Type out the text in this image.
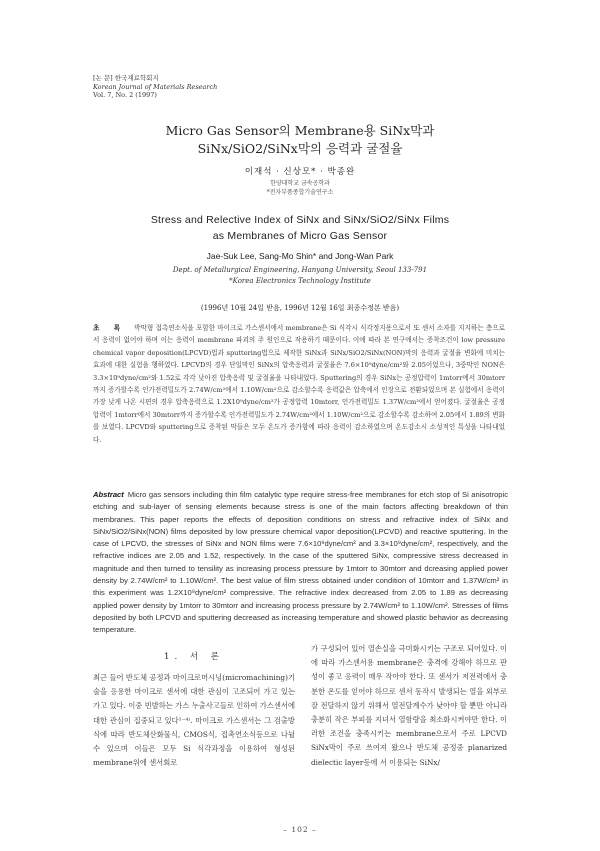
[논 문] 한국재료학회지
Korean Journal of Materials Research
Vol. 7, No. 2 (1997)
Micro Gas Sensor의 Membrane용 SiNx막과
SiNx/SiO2/SiNx막의 응력과 굴절율
이재석 · 신상모* · 박종완
한양대학교 금속공학과
*전자부품종합기술연구소
Stress and Relective Index of SiNx and SiNx/SiO2/SiNx Films
as Membranes of Micro Gas Sensor
Jae-Suk Lee, Sang-Mo Shin* and Jong-Wan Park
Dept. of Metallurgical Engineering, Hanyang University, Seoul 133-791
*Korea Electronics Technology Institute
(1996년 10월 24일 받음, 1996년 12월 16일 최종수정본 받음)
초 록 박막형 접촉연소식을 포함한 마이크로 가스센서에서 membrane은 Si 식각시 식각정지용으로서 또 센서 소자를 지지하는 층으로서 응력이 없어야 하며 이는 응력이 membrane 파괴의 주 원인으로 작용하기 때문이다. 이에 따라 본 연구에서는 증착조건이 low pressure chemical vapor deposition(LPCVD)법과 sputtering법으로 제작한 SiNx과 SiNx/SiO2/SiNx(NON)막의 응력과 굴절율 변화에 미치는 효과에 대한 실험을 행하였다. LPCVD의 경우 단일막인 SiNx의 압축응력과 굴절율은 7.6×10⁹dyne/cm²와 2.05이었으나, 3중막인 NON은 3.3×10⁹dyne/cm²와 1.52로 각각 낮아진 압축응력 및 굴절율을 나타내었다. Sputtering의 경우 SiNx는 공정압력이 1mtorr에서 30mtorr까지 증가할수록 인가전력밀도가 2.74W/cm²에서 1.10W/cm²으로 감소할수록 응력값은 압축에서 인장으로 전환되었으며 본 실험에서 응력이 가장 낮게 나온 시편의 경우 압축응력으로 1.2X10⁹dyne/cm²가 공정압력 10mtorr, 인가전력밀도 1.37W/cm²에서 얻어졌다. 굴절율은 공정압력이 1mtorr에서 30mtorr까지 증가할수록 인가전력밀도가 2.74W/cm²에서 1.10W/cm²으로 감소할수록 감소하여 2.05에서 1.89의 변화를 보였다. LPCVD와 sputtering으로 증착된 막들은 모두 온도가 증가함에 따라 응력이 감소하였으며 온도감소시 소성적인 특성을 나타내었다.
Abstract Micro gas sensors including thin film catalytic type require stress-free membranes for etch stop of Si anisotropic etching and sub-layer of sensing elements because stress is one of the main factors affecting breakdown of thin membranes. This paper reports the effects of deposition conditions on stress and refractive index of SiNx and SiNx/SiO2/SiNx(NON) films deposited by low pressure chemical vapor deposition(LPCVD) and reactive sputtering. In the case of LPCVD, the stresses of SiNx and NON films were 7.6×10⁹dyne/cm² and 3.3×10⁹dyne/cm², respectively, and the refractive indices are 2.05 and 1.52, respectively. In the case of the sputtered SiNx, compressive stress decreased in magnitude and then turned to tensility as increasing process pressure by 1mtorr to 30mtorr and dcreasing applied power density by 2.74W/cm² to 1.10W/cm². The best value of film stress obtained under condition of 10mtorr and 1.37W/cm² in this experiment was 1.2X10⁹dyne/cm² compressive. The refractive index decreased from 2.05 to 1.89 as decreasing applied power density by 1mtorr to 30mtorr and increasing process pressure by 2.74W/cm² to 1.10W/cm². Stresses of films deposited by both LPCVD and sputtering decreased as increasing temperature and showed plastic behavior as decreasing temperature.
1. 서 론
최근 들어 반도체 공정과 마이크로머시닝(micromachining)기술을 응용한 마이크로 센서에 대한 관심이 고조되어 가고 있는 가고 있다. 이중 빈발하는 가스 누출사고들로 인하여 가스센서에 대한 관심이 집중되고 있다¹⁻⁴⁾. 마이크로 가스센서는 그 검출방식에 따라 반도체산화물식, CMOS식, 접촉연소식등으로 나뉠 수 있으며 이들은 모두 Si 식각과정을 이용하여 형성된 membrane위에 센서회로
가 구성되어 있어 열손실을 극미화시키는 구조로 되어있다. 이에 따라 가스센서용 membrane은 충격에 강해야 하므로 판성이 좋고 응력이 매우 작아야 한다. 또 센서가 저전력에서 충분한 온도를 얻어야 하므로 센서 동작시 발생되는 열을 외부로 잘 전달하지 않기 위해서 열전달계수가 낮아야 할 뿐만 아니라 충분히 작은 부피를 지녀서 열함량을 최소화시켜야만 한다. 이러한 조건을 충족시키는 membrane으로서 주로 LPCVD SiNx막이 주로 쓰여져 왔으나 반도체 공정중 planarized dielectic layer등에 서 이용되는 SiNx/
– 102 –
